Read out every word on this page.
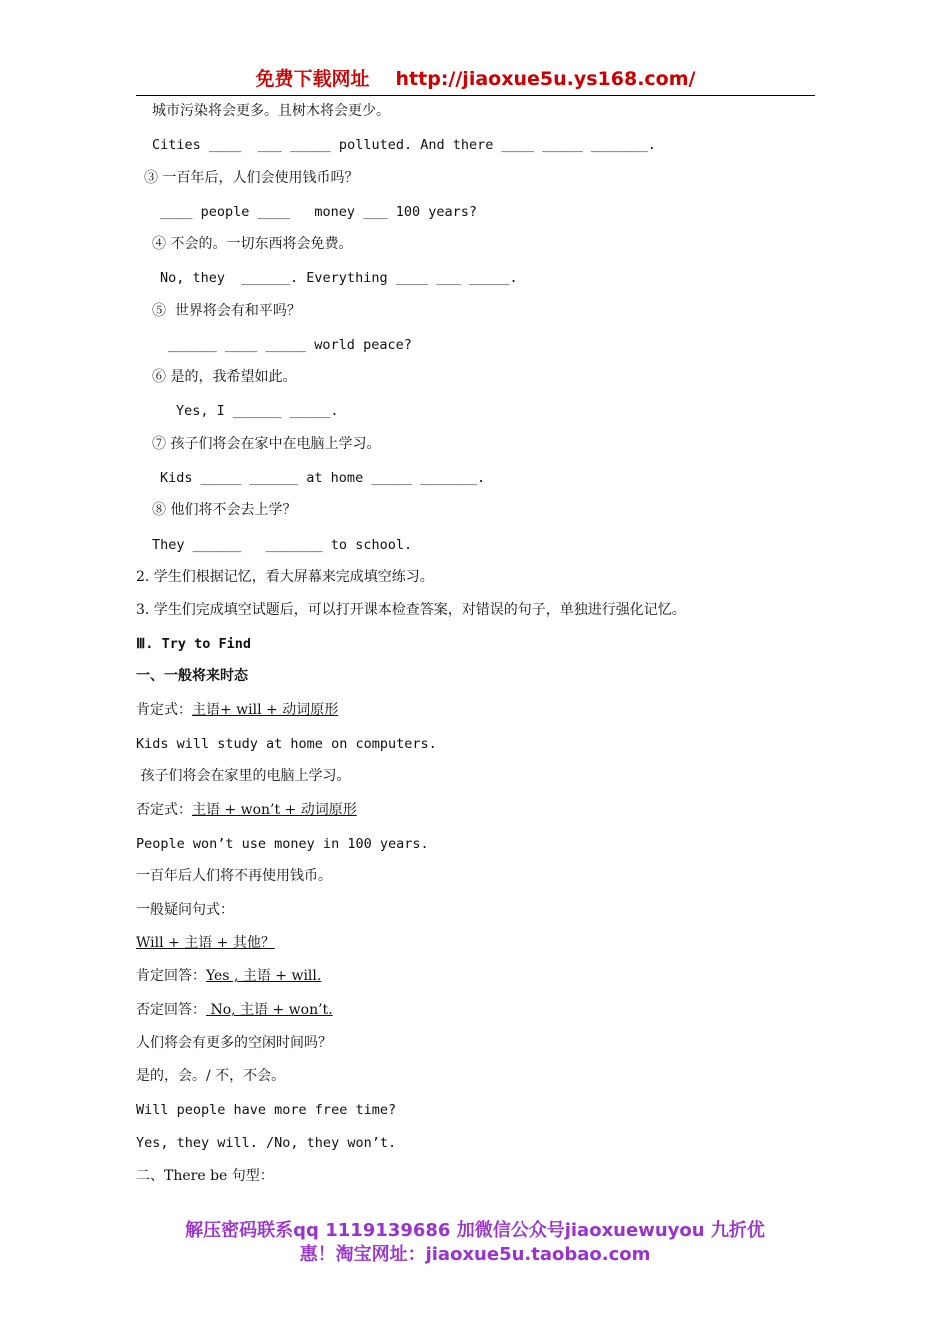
免费下载网址 http://jiaoxue5u.ys168.com/
城市污染将会更多。且树木将会更少。
Cities ____  ___ _____ polluted. And there ____ _____ _______.
③ 一百年后，人们会使用钱币吗？
____ people ____   money ___ 100 years?
④ 不会的。一切东西将会免费。
No, they  ______. Everything ____ ___ _____.
⑤  世界将会有和平吗？
______ ____ _____ world peace?
⑥ 是的，我希望如此。
Yes, I ______ _____.
⑦ 孩子们将会在家中在电脑上学习。
Kids _____ ______ at home _____ _______.
⑧ 他们将不会去上学？
They ______   _______ to school.
2. 学生们根据记忆，看大屏幕来完成填空练习。
3. 学生们完成填空试题后，可以打开课本检查答案，对错误的句子，单独进行强化记忆。
Ⅲ. Try to Find
一、一般将来时态
肯定式：主语+ will + 动词原形
Kids will study at home on computers.
孩子们将会在家里的电脑上学习。
否定式：主语 + won’t + 动词原形
People won’t use money in 100 years.
一百年后人们将不再使用钱币。
一般疑问句式：
Will + 主语 + 其他？
肯定回答：Yes , 主语 + will.
否定回答： No, 主语 + won’t.
人们将会有更多的空闲时间吗？
是的，会。/ 不，不会。
Will people have more free time?
Yes, they will. /No, they won’t.
二、There be 句型：
解压密码联系qq 1119139686 加微信公众号jiaoxuewuyou 九折优
惠！淘宝网址：jiaoxue5u.taobao.com
